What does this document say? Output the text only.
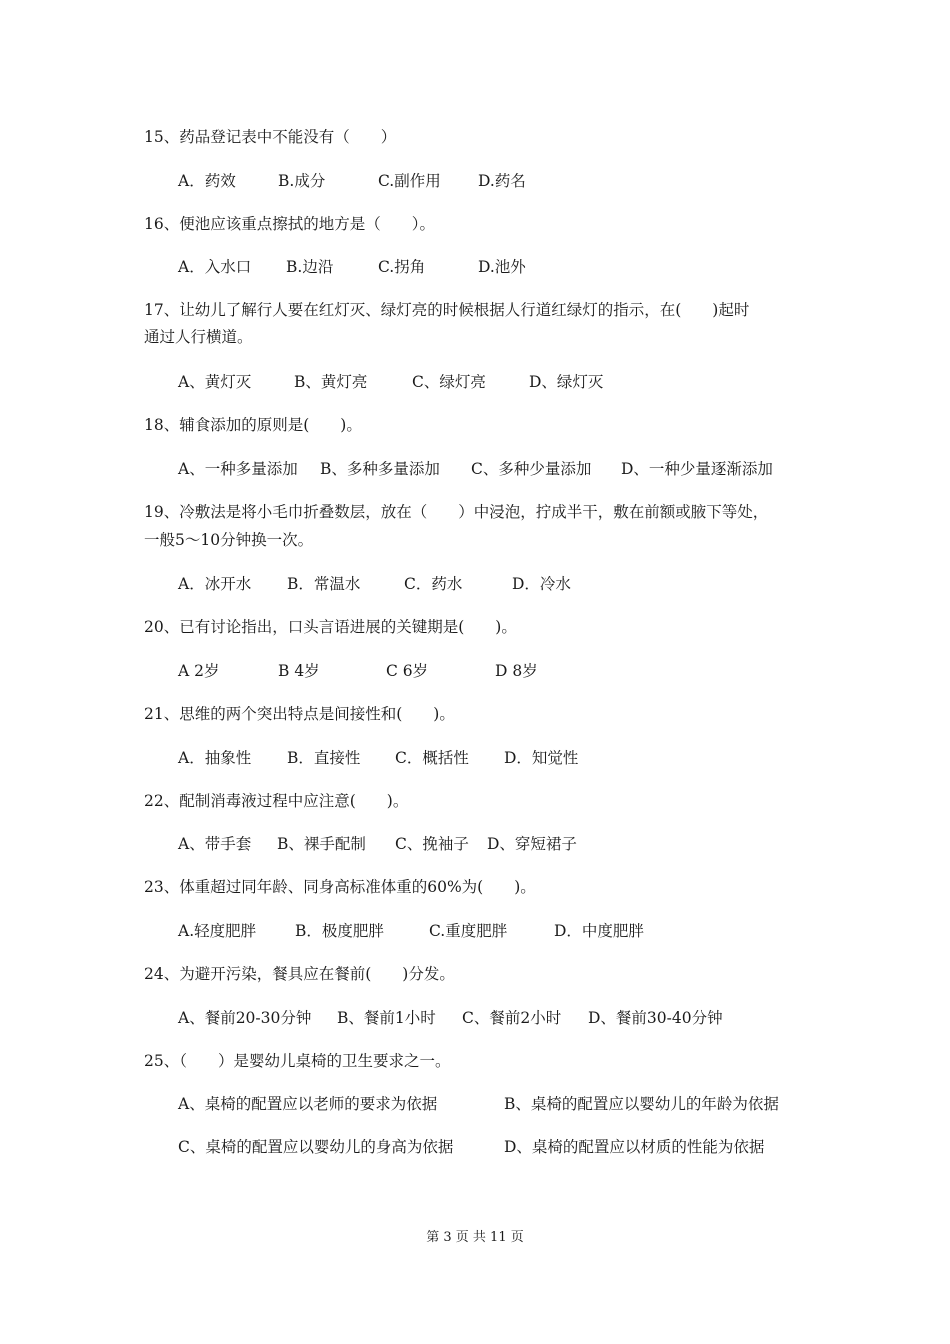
15、药品登记表中不能没有（　　）
A．药效	B.成分	C.副作用 D.药名
16、便池应该重点擦拭的地方是（　　）。
A．入水口 B.边沿	C.拐角	D.池外
17、让幼儿了解行人要在红灯灭、绿灯亮的时候根据人行道红绿灯的指示，在(　　)起时
通过人行横道。
A、黄灯灭	B、黄灯亮	C、绿灯亮	D、绿灯灭
18、辅食添加的原则是(　　)。
A、一种多量添加 B、多种多量添加 C、多种少量添加 D、一种少量逐渐添加
19、冷敷法是将小毛巾折叠数层，放在（　　）中浸泡，拧成半干，敷在前额或腋下等处，
一般5～10分钟换一次。
A．冰开水 B．常温水	C．药水	D．冷水
20、已有讨论指出，口头言语进展的关键期是(　　)。
A 2岁	B 4岁	C 6岁	D 8岁
21、思维的两个突出特点是间接性和(　　)。
A．抽象性 B．直接性 C．概括性 D．知觉性
22、配制消毒液过程中应注意(　　)。
A、带手套 B、裸手配制 C、挽袖子 D、穿短裙子
23、体重超过同年龄、同身高标准体重的60%为(　　)。
A.轻度肥胖	B．极度肥胖	C.重度肥胖	D．中度肥胖
24、为避开污染，餐具应在餐前(　　)分发。
A、餐前20-30分钟 B、餐前1小时 C、餐前2小时 D、餐前30-40分钟
25、（　　）是婴幼儿桌椅的卫生要求之一。
A、桌椅的配置应以老师的要求为依据	B、桌椅的配置应以婴幼儿的年龄为依据
C、桌椅的配置应以婴幼儿的身高为依据	D、桌椅的配置应以材质的性能为依据
第 3 页 共 11 页
